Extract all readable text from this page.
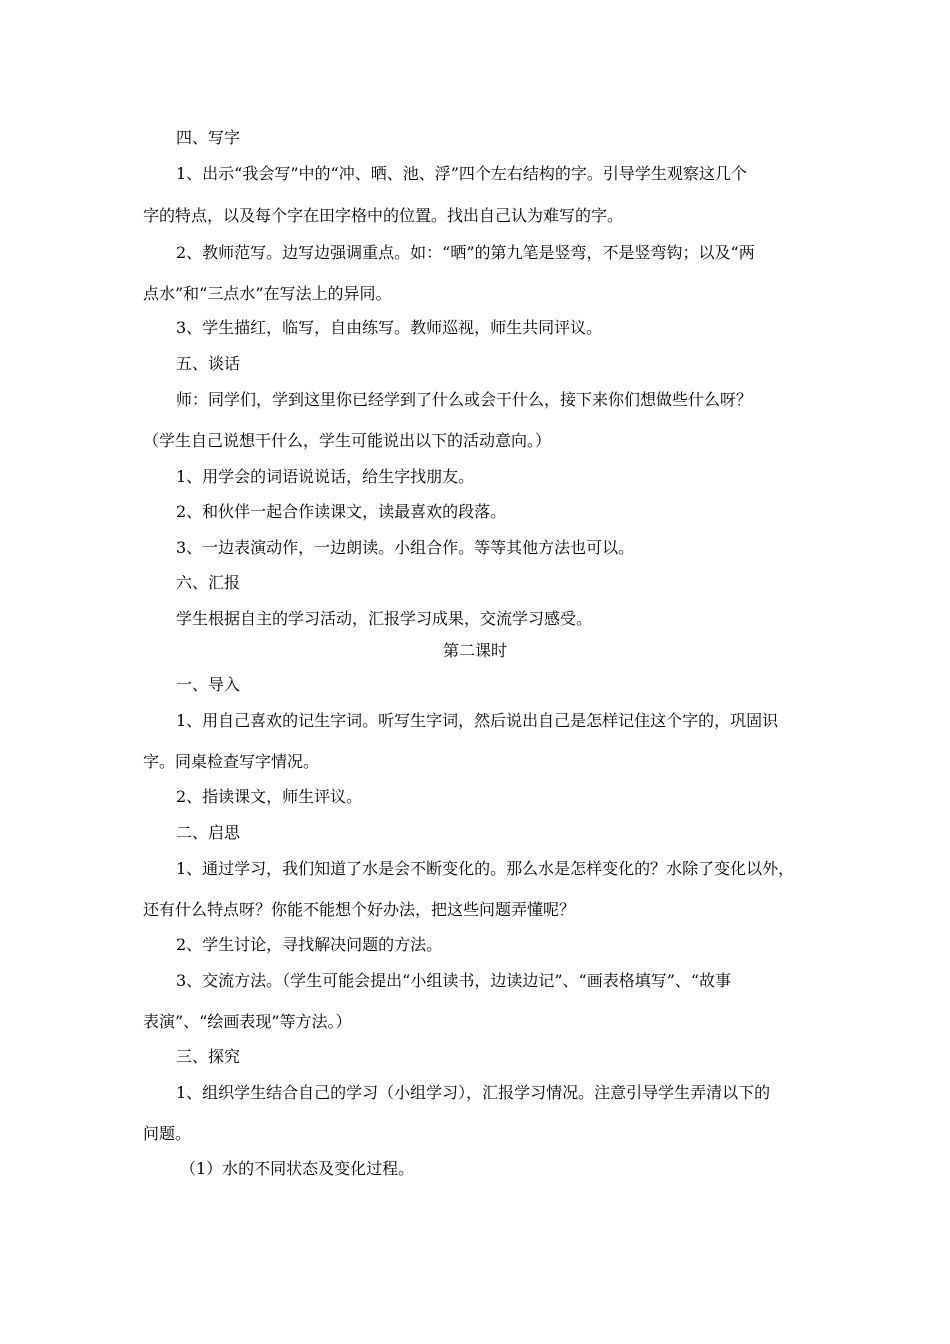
四、写字
1、出示“我会写”中的“冲、晒、池、浮”四个左右结构的字。引导学生观察这几个
字的特点，以及每个字在田字格中的位置。找出自己认为难写的字。
2、教师范写。边写边强调重点。如：“晒”的第九笔是竖弯，不是竖弯钩；以及“两
点水”和“三点水”在写法上的异同。
3、学生描红，临写，自由练写。教师巡视，师生共同评议。
五、谈话
师：同学们，学到这里你已经学到了什么或会干什么，接下来你们想做些什么呀？
（学生自己说想干什么，学生可能说出以下的活动意向。）
1、用学会的词语说说话，给生字找朋友。
2、和伙伴一起合作读课文，读最喜欢的段落。
3、一边表演动作，一边朗读。小组合作。等等其他方法也可以。
六、汇报
学生根据自主的学习活动，汇报学习成果，交流学习感受。
第二课时
一、导入
1、用自己喜欢的记生字词。听写生字词，然后说出自己是怎样记住这个字的，巩固识
字。同桌检查写字情况。
2、指读课文，师生评议。
二、启思
1、通过学习，我们知道了水是会不断变化的。那么水是怎样变化的？水除了变化以外，
还有什么特点呀？你能不能想个好办法，把这些问题弄懂呢？
2、学生讨论，寻找解决问题的方法。
3、交流方法。（学生可能会提出“小组读书，边读边记”、“画表格填写”、“故事
表演”、“绘画表现”等方法。）
三、探究
1、组织学生结合自己的学习（小组学习），汇报学习情况。注意引导学生弄清以下的
问题。
（1）水的不同状态及变化过程。
